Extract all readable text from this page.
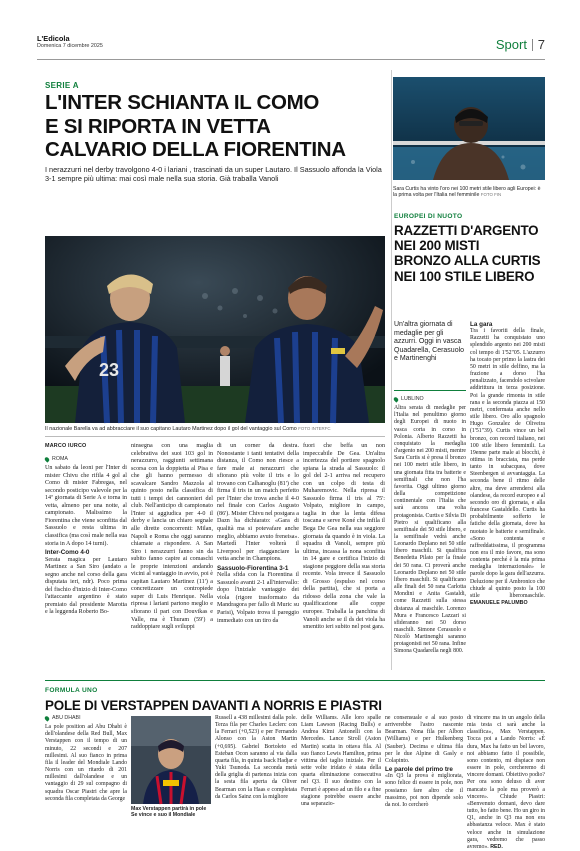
L'Edicola
Domenica 7 dicembre 2025	Sport 7
SERIE A
L'INTER SCHIANTA IL COMO
E SI RIPORTA IN VETTA
CALVARIO DELLA FIORENTINA
I nerazzurri nel derby travolgono 4-0 i lariani , trascinati da un super Lautaro. Il Sassuolo affonda la Viola 3-1 sempre più ultima: mai così male nella sua storia. Già traballa Vanoli
23
Il nazionale Barella va ad abbracciare il suo capitano Lautaro Martinez dopo il gol del vantaggio sul Como FOTO INTERFC
MARCO IURCO
ROMA

Un sabato da leoni per l'Inter di mister Chivu che rifila 4 gol al Como di mister Fabregas, nel secondo posticipo valevole per la 14ª giornata di Serie A e torna in vetta, almeno per una notte, al campionato. Malissimo la Fiorentina che viene sconfitta dal Sassuolo e resta ultima in classifica (ma così male nella sua storia in A dopo 14 turni).

Inter-Como 4-0

Serata magica per Lautaro Martinez a San Siro (andato a segno anche nel corso della gara disputata ieri, ndr). Poco prima del fischio d'inizio di Inter-Como l'attaccante argentino è stato premiato dal presidente Marotta e la leggenda Roberto Bo-

ninsegna con una maglia celebrativa dei suoi 103 gol in nerazzurro, raggiunti settimana scorsa con la doppietta al Pisa e che gli hanno permesso di scavalcare Sandro Mazzola al quinto posto nella classifica di tutti i tempi dei cannonieri del club. Nell'anticipo di campionato l'Inter si aggiudica per 4-0 il derby e lancia un chiaro segnale alle dirette concorrenti: Milan, Napoli e Roma che oggi saranno chiamate a rispondere. A San Siro i nerazzurri fanno sin da subito fanno capire ai comaschi le proprie intenzioni andando vicini al vantaggio in avvio, poi è capitan Lautaro Martinez (11') a concretizzare un contropiede super di Luis Henrique. Nella ripresa i lariani partono meglio e sfiorano il pari con Douvikas e Valle, ma è Thuram (59') a raddoppiare sugli sviluppi

di un corner da destra. Nonostante i tanti tentativi della distanza, il Como non riesce a fare male ai nerazzurri che sfiorano più volte il tris e lo trovano con Calhanoglu (81') che firma il tris in un match perfetto per l'Inter che trova anche il 4-0 nel finale con Carlos Augusto (86'). Mister Chivu nel postgara a Dazn ha dichiarato: «Gara di qualità ma si potevafare anche meglio, abbiamo avuto freneisa». Martedì l'Inter volterà il Liverpool per riagganciare la vetta anche in Champions.

Sassuolo-Fiorentina 3-1

Nella sfida con la Fiorentina il Sassuolo avanti 2-1 all'intervallo: dopo l'iniziale vantaggio dei viola (rigore trasformato da Mandragora per fallo di Muric su Parisi), Volpato trova il pareggio immediato con un tiro da

fuori che beffa un non impeccabile De Gea. Un'altra incertezza del portiere spagnolo spiana la strada al Sassuolo: il gol del 2-1 arriva nel recupero con un colpo di testa di Muharemovic. Nella ripresa il Sassuolo firma il tris al 75': Volpato, migliore in campo, taglia in due la lenta difesa toscana e serve Koné che infila il Bega De Gea nella sua seggiore giornata da quando è in viola. La squadra di Vanoli, sempre più ultima, incassa la nona sconfitta in 14 gare e certifica l'inizio di stagione peggiore della sua storia recente. Vola invece il Sassuolo di Grosso (espulso nel corso della partita), che si porta a ridosso della zona che vale la qualificazione alle coppe europee. Traballa la panchina di Vanoli anche se il ds dei viola ha smentito ieri subito nel post gara.
Sara Curtis ha vinto l'oro nei 100 metri stile libero agli Europei: è la prima volta per l'Italia nel femminile FOTO FIN
EUROPEI DI NUOTO
RAZZETTI D'ARGENTO
NEI 200 MISTI
BRONZO ALLA CURTIS
NEI 100 STILE LIBERO
Un'altra giornata di medaglie per gli azzurri. Oggi in vasca Quadarella, Cerasuolo e Martinenghi
LUBLINO

Altra serata di medaglie per l'Italia nel penultimo giorno degli Europei di nuoto in vasca corta in corso in Polonia. Alberto Razzetti ha conquistato la medaglia d'argento nei 200 misti, mentre Sara Curtis si è presa il bronzo nei 100 metri stile libero, in una giornata fitta tra batterie e semifinali che non l'ha favorita. Oggi ultimo giorno della competizione continentale con l'Italia che sarà ancora una volta protagonista. Curtis e Silvia Di Pietro si qualificano alla semifinale dei 50 stile libero, e la semifinale vedrà anche Leonardo Deplano nei 50 stile libero maschili. Si qualifica Benedetta Pilato per la finale dei 50 rana. Ci proverà anche Leonardo Deplano nei 50 stile libero maschili. Si qualificano alle finali dei 50 rana Carlotta Mondini e Anita Gastaldi, come Razzetti sulla stessa distanza al maschile. Lorenzo Mura e Francesco Lazzari si sfideranno nei 50 dorso maschili. Simone Cerasuolo e Nicolò Martinenghi saranno protagonisti nei 50 rana. Infine Simona Quadarella negli 800.

La gara

Tra i favoriti della finale, Razzetti ha conquistato uno splendido argento nei 200 misti col tempo di 1'52"05. L'azzurro ha tocato per primo la lastra dei 50 metri in stile delfino, ma la frazione a dorso l'ha penalizzato, facendolo scivolare addirittura in terza posizione. Poi la grande rimonta in stile rana e la seconda piazza ai 150 metri, confermata anche nello stile libero. Oro allo spagnolo Hugo Gonzalez de Oliveira (1'51"39). Curtis vince un bel bronzo, con record italiano, nei 100 stile libero femminili. La 19enne parte male ai blocchi, è ottima in bracciata, ma perde tanto in subacquea, dove Steenbergen si avvantaggia. La seconda bene il ritmo delle altre, ma deve arrendersi alla olandese, da record europeo e al secondo oro di giornata, e alla francese Gastaldello. Curtis ha probabilmente sofferto le fatiche della giornata, dove ha nuotato le batterie e semifinale. «Sono contenta e raffreddatissima, il programma non era il mio favore, ma sono contenta perché è la mia prima medaglia internazionale» le parole dopo la gara dell'azzurra. Deluzione per il Ambronico che chiude al quinto posto la 100 stile liberomaschile. EMANUELE PALUMBO

FORMULA UNO
POLE DI VERSTAPPEN DAVANTI A NORRIS E PIASTRI
ABU DHABI

La pole position ad Abu Dhabi è dell'olandese della Red Bull, Max Verstappen con il tempo di un minuto, 22 secondi e 207 millesimi. Al suo fianco in prima fila il leader del Mondiale Lando Norris con un ritardo di 201 millesimi dall'olandese e un vantaggio di 29 sul compagno di squadra Oscar Piastri che apre la seconda fila completata da George

Max Verstappen partirà in pole Se vince e suo il Mondiale
Russell a 438 millesimi dalla pole. Terza fila per Charles Leclerc con la Ferrari (+0,523) e per Fernando Alonso con la Aston Martin (+0,695). Gabriel Bortoleto ed Esteban Ocon saranno al via dalla quarta fila, in quinta Isack Hadjar e Yuki Tsunoda. La seconda metà della griglia di partenza inizia con la sesta fila aperta da Oliver Bearman con la Haas e completata da Carlos Sainz con la migliore
delle Williams. Alle loro spalle Liam Lawson (Racing Bulls) e Andrea Kimi Antonelli con la Mercedes. Lance Stroll (Aston Martin) scatta in ottava fila. Al suo fianco Lewis Hamilton, prima vittima del taglio iniziale. Per il sette volte iridato è stata della quarta eliminazione consecutiva nel Q3. Il suo destino con la Ferrari è appeso ad un filo e a fine stagione potrebbe essere anche una separazio-

ne consensuale e al suo posto arriverebbe l'astro nascente Bearman. Nona fila per Albon (Williams) e per Hulkenberg (Sauber). Decima e ultima fila per le due Alpine di Gasly e Colapinto.

Le parole del primo tre

«In Q3 la prova è migliorata, sono felice di essere in pole, non possiamo fare altro che il massimo, poi non dipende solo da noi. Io cercherò

di vincere ma in un angolo della mia testa ci sarà anche la classifica», Max Verstappen. Tocca poi a Lando Norris: «È dura, Max ha fatto un bel lavoro, noi abbiamo fatto il possibile, sono contento, mi dispiace non essere in pole, cercheremo di vincere domani. Obiettivo podio? Per ora sono deluso di aver mancato la pole ma proverò a vincere». Chiude Piastri: «Benvenuto domani, devo dare tutto, ho fatto bene. Ho un giro in Q1, anche in Q3 ma non era abbastanza veloce. Max è stato veloce anche in simulazione gara, vedremo che passo avremo». RED.
